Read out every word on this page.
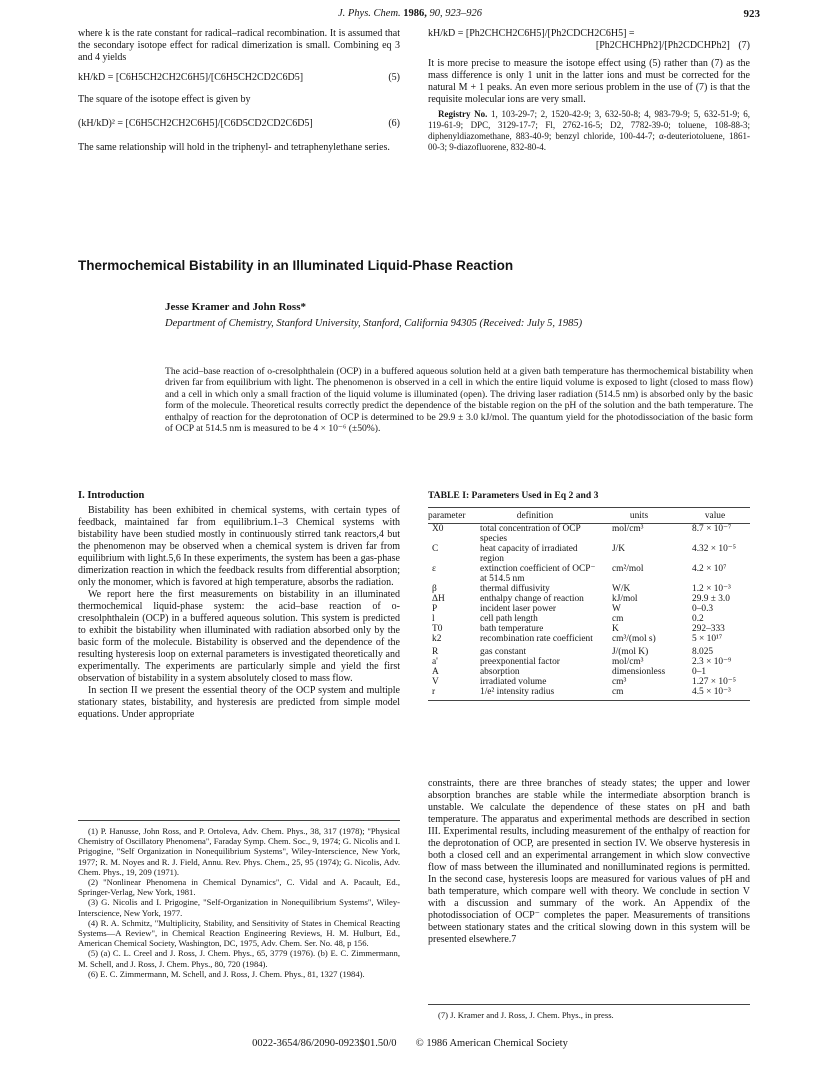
J. Phys. Chem. 1986, 90, 923–926	923

where k is the rate constant for radical–radical recombination. It is assumed that the secondary isotope effect for radical dimerization is small. Combining eq 3 and 4 yields

(5)
kH/kD = [C6H5CH2CH2C6H5]/[C6H5CH2CD2C6D5]

The square of the isotope effect is given by

(6)
(kH/kD)² = [C6H5CH2CH2C6H5]/[C6D5CD2CD2C6D5]

The same relationship will hold in the triphenyl- and tetraphenylethane series.

kH/kD = [Ph2CHCH2C6H5]/[Ph2CDCH2C6H5] =
[Ph2CHCHPh2]/[Ph2CDCHPh2] (7)

It is more precise to measure the isotope effect using (5) rather than (7) as the mass difference is only 1 unit in the latter ions and must be corrected for the natural M + 1 peaks. An even more serious problem in the use of (7) is that the requisite molecular ions are very small.

Registry No. 1, 103-29-7; 2, 1520-42-9; 3, 632-50-8; 4, 983-79-9; 5, 632-51-9; 6, 119-61-9; DPC, 3129-17-7; Fl, 2762-16-5; D2, 7782-39-0; toluene, 108-88-3; diphenyldiazomethane, 883-40-9; benzyl chloride, 100-44-7; α-deuteriotoluene, 1861-00-3; 9-diazofluorene, 832-80-4.

Thermochemical Bistability in an Illuminated Liquid-Phase Reaction
Jesse Kramer and John Ross*
Department of Chemistry, Stanford University, Stanford, California 94305 (Received: July 5, 1985)
The acid–base reaction of o-cresolphthalein (OCP) in a buffered aqueous solution held at a given bath temperature has thermochemical bistability when driven far from equilibrium with light. The phenomenon is observed in a cell in which the entire liquid volume is exposed to light (closed to mass flow) and a cell in which only a small fraction of the liquid volume is illuminated (open). The driving laser radiation (514.5 nm) is absorbed only by the basic form of the molecule. Theoretical results correctly predict the dependence of the bistable region on the pH of the solution and the bath temperature. The enthalpy of reaction for the deprotonation of OCP is determined to be 29.9 ± 3.0 kJ/mol. The quantum yield for the photodissociation of the basic form of OCP at 514.5 nm is measured to be 4 × 10⁻⁶ (±50%).
I. Introduction

Bistability has been exhibited in chemical systems, with certain types of feedback, maintained far from equilibrium.1–3 Chemical systems with bistability have been studied mostly in continuously stirred tank reactors,4 but the phenomenon may be observed when a chemical system is driven far from equilibrium with light.5,6 In these experiments, the system has been a gas-phase dimerization reaction in which the feedback results from differential absorption; only the monomer, which is favored at high temperature, absorbs the radiation.

We report here the first measurements on bistability in an illuminated thermochemical liquid-phase system: the acid–base reaction of o-cresolphthalein (OCP) in a buffered aqueous solution. This system is predicted to exhibit the bistability when illuminated with radiation absorbed only by the basic form of the molecule. Bistability is observed and the dependence of the resulting hysteresis loop on external parameters is investigated theoretically and experimentally. The experiments are particularly simple and yield the first observation of bistability in a system absolutely closed to mass flow.

In section II we present the essential theory of the OCP system and multiple stationary states, bistability, and hysteresis are predicted from simple model equations. Under appropriate

(1) P. Hanusse, John Ross, and P. Ortoleva, Adv. Chem. Phys., 38, 317 (1978); "Physical Chemistry of Oscillatory Phenomena", Faraday Symp. Chem. Soc., 9, 1974; G. Nicolis and I. Prigogine, "Self Organization in Nonequilibrium Systems", Wiley-Interscience, New York, 1977; R. M. Noyes and R. J. Field, Annu. Rev. Phys. Chem., 25, 95 (1974); G. Nicolis, Adv. Chem. Phys., 19, 209 (1971).

(2) "Nonlinear Phenomena in Chemical Dynamics", C. Vidal and A. Pacault, Ed., Springer-Verlag, New York, 1981.

(3) G. Nicolis and I. Prigogine, "Self-Organization in Nonequilibrium Systems", Wiley-Interscience, New York, 1977.

(4) R. A. Schmitz, "Multiplicity, Stability, and Sensitivity of States in Chemical Reacting Systems—A Review", in Chemical Reaction Engineering Reviews, H. M. Hulburt, Ed., American Chemical Society, Washington, DC, 1975, Adv. Chem. Ser. No. 48, p 156.

(5) (a) C. L. Creel and J. Ross, J. Chem. Phys., 65, 3779 (1976). (b) E. C. Zimmermann, M. Schell, and J. Ross, J. Chem. Phys., 80, 720 (1984).

(6) E. C. Zimmermann, M. Schell, and J. Ross, J. Chem. Phys., 81, 1327 (1984).

TABLE I: Parameters Used in Eq 2 and 3
parameter	definition	units	value

X0	total concentration of OCP species	mol/cm³	8.7 × 10⁻⁷
C	heat capacity of irradiated region	J/K	4.32 × 10⁻⁵
ε	extinction coefficient of OCP⁻ at 514.5 nm	cm²/mol	4.2 × 10⁷
β	thermal diffusivity	W/K	1.2 × 10⁻³
ΔH	enthalpy change of reaction	kJ/mol	29.9 ± 3.0
P	incident laser power	W	0–0.3
l	cell path length	cm	0.2
T0	bath temperature	K	292–333
k2	recombination rate coefficient	cm³/(mol s)	5 × 10¹⁷
R	gas constant	J/(mol K)	8.025
a'	preexponential factor	mol/cm³	2.3 × 10⁻⁹
A	absorption	dimensionless	0–1
V	irradiated volume	cm³	1.27 × 10⁻⁵
r	1/e² intensity radius	cm	4.5 × 10⁻³

constraints, there are three branches of steady states; the upper and lower absorption branches are stable while the intermediate absorption branch is unstable. We calculate the dependence of these states on pH and bath temperature. The apparatus and experimental methods are described in section III. Experimental results, including measurement of the enthalpy of reaction for the deprotonation of OCP, are presented in section IV. We observe hysteresis in both a closed cell and an experimental arrangement in which slow convective flow of mass between the illuminated and nonilluminated regions is permitted. In the second case, hysteresis loops are measured for various values of pH and bath temperature, which compare well with theory. We conclude in section V with a discussion and summary of the work. An Appendix of the photodissociation of OCP⁻ completes the paper. Measurements of transitions between stationary states and the critical slowing down in this system will be presented elsewhere.7

(7) J. Kramer and J. Ross, J. Chem. Phys., in press.

0022-3654/86/2090-0923$01.50/0 © 1986 American Chemical Society
